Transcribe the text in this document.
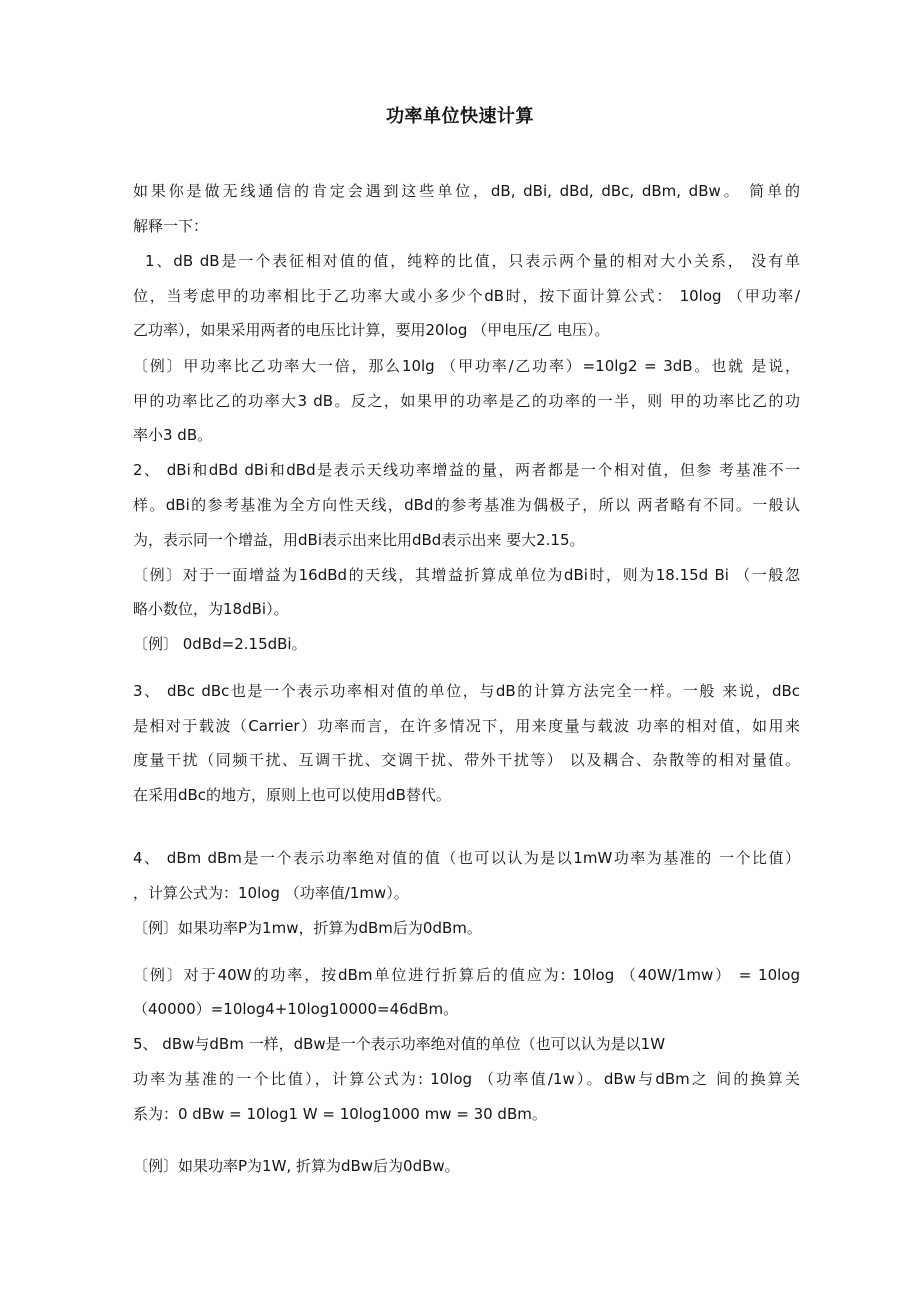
功率单位快速计算
如果你是做无线通信的肯定会遇到这些单位，dB, dBi, dBd, dBc, dBm, dBw。 简单的
解释一下：
1、dB dB是一个表征相对值的值，纯粹的比值，只表示两个量的相对大小关系， 没有单
位，当考虑甲的功率相比于乙功率大或小多少个dB时，按下面计算公式： 10log （甲功率/
乙功率），如果采用两者的电压比计算，要用20log （甲电压/乙 电压）。
〔例〕甲功率比乙功率大一倍，那么10lg （甲功率/乙功率）=10lg2 = 3dB。也就 是说，
甲的功率比乙的功率大3 dB。反之，如果甲的功率是乙的功率的一半，则 甲的功率比乙的功
率小3 dB。
2、 dBi和dBd dBi和dBd是表示天线功率增益的量，两者都是一个相对值，但参 考基准不一
样。dBi的参考基准为全方向性天线，dBd的参考基准为偶极子，所以 两者略有不同。一般认
为，表示同一个增益，用dBi表示出来比用dBd表示出来 要大2.15。
〔例〕对于一面增益为16dBd的天线，其增益折算成单位为dBi时，则为18.15d Bi （一般忽
略小数位，为18dBi）。
〔例〕 0dBd=2.15dBi。
3、 dBc dBc也是一个表示功率相对值的单位，与dB的计算方法完全一样。一般 来说，dBc
是相对于载波（Carrier）功率而言，在许多情况下，用来度量与载波 功率的相对值，如用来
度量干扰（同频干扰、互调干扰、交调干扰、带外干扰等） 以及耦合、杂散等的相对量值。
在采用dBc的地方，原则上也可以使用dB替代。
4、 dBm dBm是一个表示功率绝对值的值（也可以认为是以1mW功率为基准的 一个比值）
，计算公式为：10log （功率值/1mw）。
〔例〕如果功率P为1mw，折算为dBm后为0dBm。
〔例〕对于40W的功率，按dBm单位进行折算后的值应为: 10log （40W/1mw） = 10log
（40000）=10log4+10log10000=46dBm。
5、 dBw与dBm 一样，dBw是一个表示功率绝对值的单位（也可以认为是以1W
功率为基准的一个比值），计算公式为: 10log （功率值/1w）。dBw与dBm之 间的换算关
系为：0 dBw = 10log1 W = 10log1000 mw = 30 dBm。
〔例〕如果功率P为1W, 折算为dBw后为0dBw。
